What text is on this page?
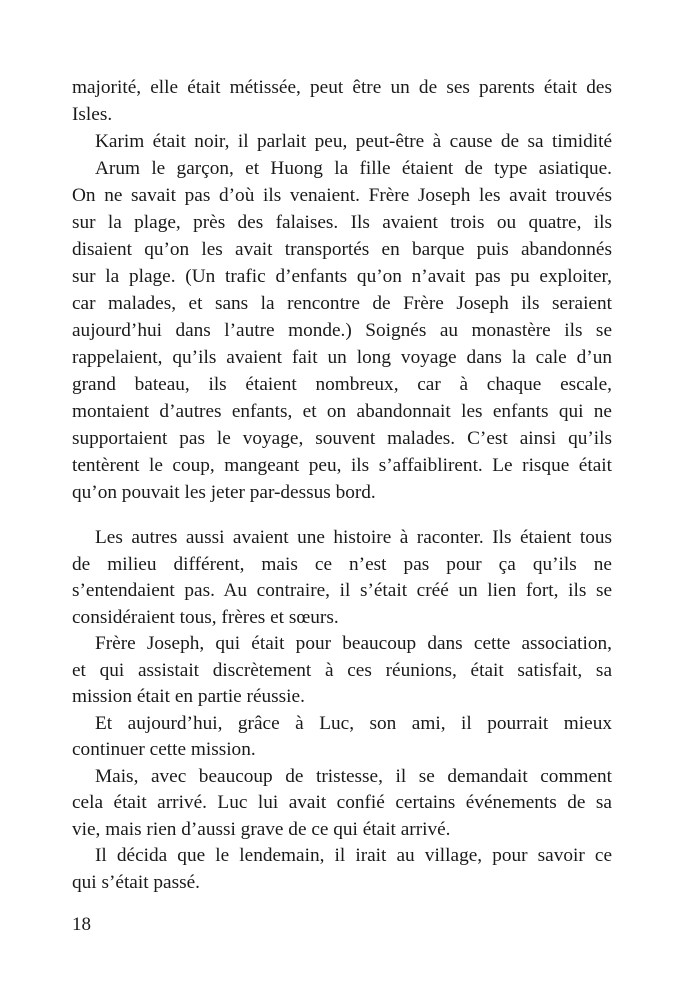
majorité, elle était métissée, peut être un de ses parents était des
Isles.
Karim était noir, il parlait peu, peut-être à cause de sa timidité
Arum le garçon, et Huong la fille étaient de type asiatique.
On ne savait pas d’où ils venaient. Frère Joseph les avait trouvés
sur la plage, près des falaises. Ils avaient trois ou quatre, ils
disaient qu’on les avait transportés en barque puis abandonnés
sur la plage. (Un trafic d’enfants qu’on n’avait pas pu exploiter,
car malades, et sans la rencontre de Frère Joseph ils seraient
aujourd’hui dans l’autre monde.) Soignés au monastère ils se
rappelaient, qu’ils avaient fait un long voyage dans la cale d’un
grand bateau, ils étaient nombreux, car à chaque escale,
montaient d’autres enfants, et on abandonnait les enfants qui ne
supportaient pas le voyage, souvent malades. C’est ainsi qu’ils
tentèrent le coup, mangeant peu, ils s’affaiblirent. Le risque était
qu’on pouvait les jeter par-dessus bord.
Les autres aussi avaient une histoire à raconter. Ils étaient tous
de milieu différent, mais ce n’est pas pour ça qu’ils ne
s’entendaient pas. Au contraire, il s’était créé un lien fort, ils se
considéraient tous, frères et sœurs.
Frère Joseph, qui était pour beaucoup dans cette association,
et qui assistait discrètement à ces réunions, était satisfait, sa
mission était en partie réussie.
Et aujourd’hui, grâce à Luc, son ami, il pourrait mieux
continuer cette mission.
Mais, avec beaucoup de tristesse, il se demandait comment
cela était arrivé. Luc lui avait confié certains événements de sa
vie, mais rien d’aussi grave de ce qui était arrivé.
Il décida que le lendemain, il irait au village, pour savoir ce
qui s’était passé.
18
